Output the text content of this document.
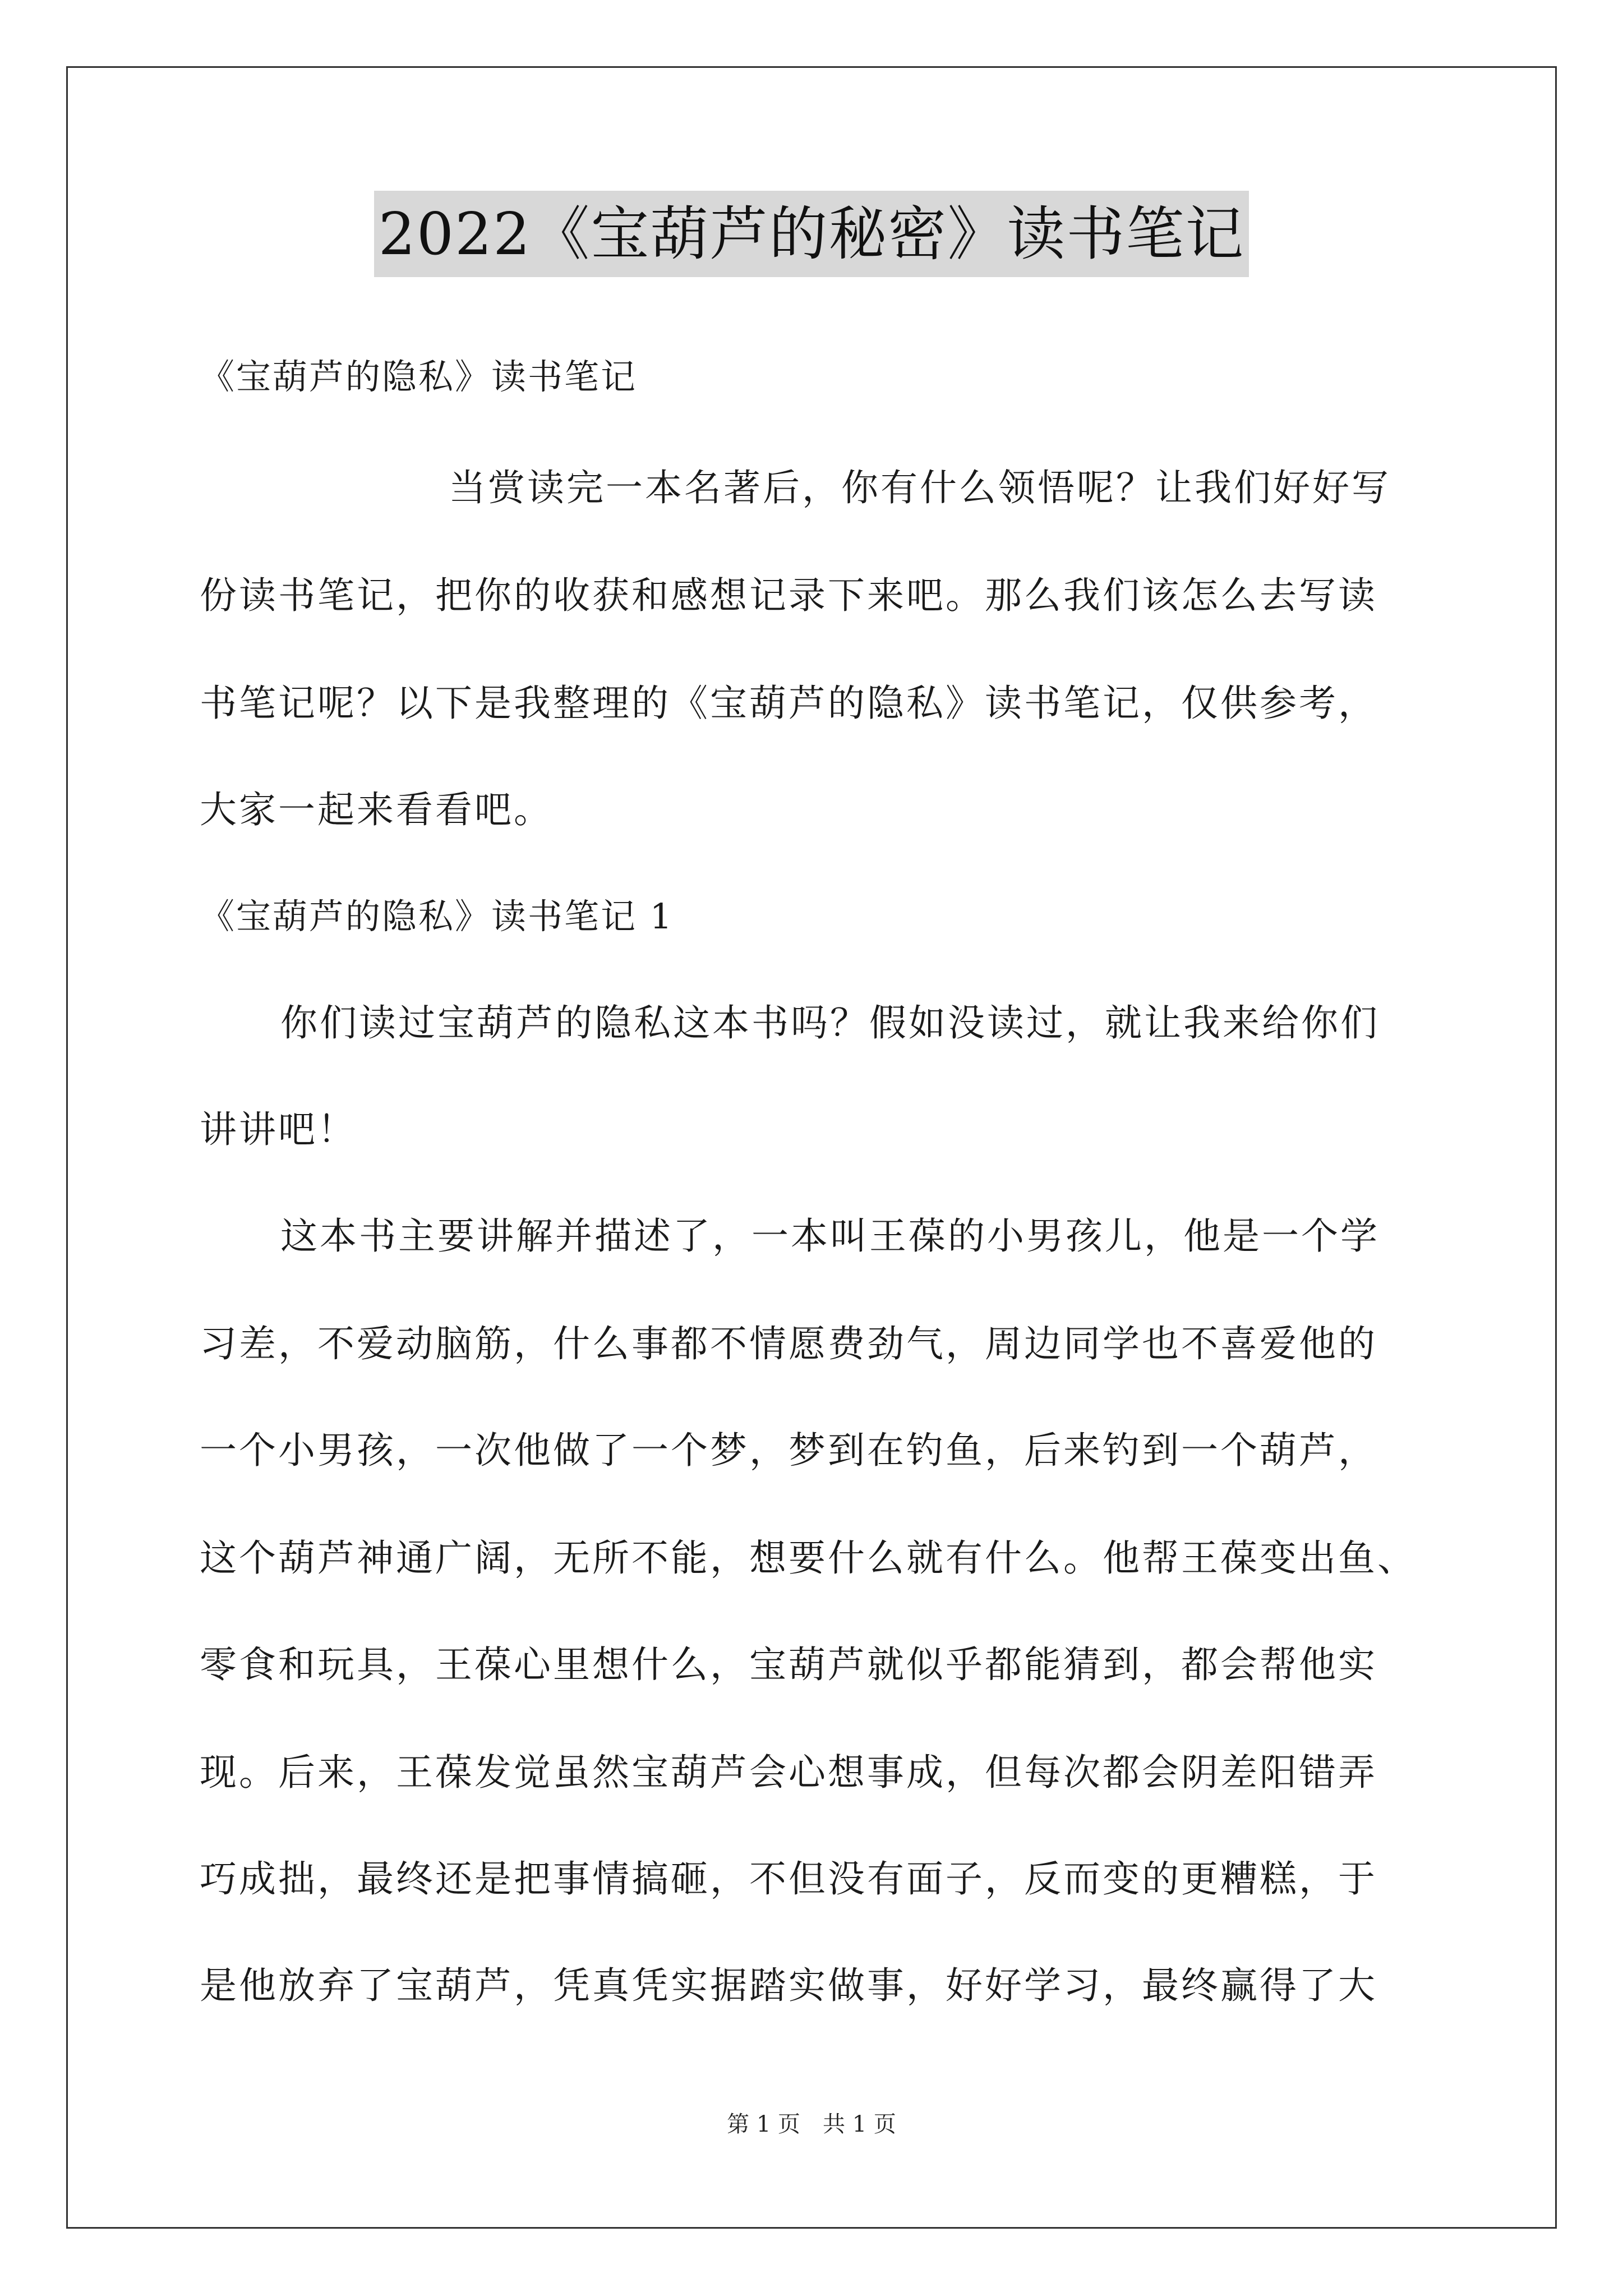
2022《宝葫芦的秘密》读书笔记
《宝葫芦的隐私》读书笔记
当赏读完一本名著后，你有什么领悟呢？让我们好好写
份读书笔记，把你的收获和感想记录下来吧。那么我们该怎么去写读
书笔记呢？以下是我整理的《宝葫芦的隐私》读书笔记，仅供参考，
大家一起来看看吧。
《宝葫芦的隐私》读书笔记 1
你们读过宝葫芦的隐私这本书吗？假如没读过，就让我来给你们
讲讲吧！
这本书主要讲解并描述了，一本叫王葆的小男孩儿，他是一个学
习差，不爱动脑筋，什么事都不情愿费劲气，周边同学也不喜爱他的
一个小男孩，一次他做了一个梦，梦到在钓鱼，后来钓到一个葫芦，
这个葫芦神通广阔，无所不能，想要什么就有什么。他帮王葆变出鱼、
零食和玩具，王葆心里想什么，宝葫芦就似乎都能猜到，都会帮他实
现。后来，王葆发觉虽然宝葫芦会心想事成，但每次都会阴差阳错弄
巧成拙，最终还是把事情搞砸，不但没有面子，反而变的更糟糕，于
是他放弃了宝葫芦，凭真凭实据踏实做事，好好学习，最终赢得了大
第 1 页　共 1 页
